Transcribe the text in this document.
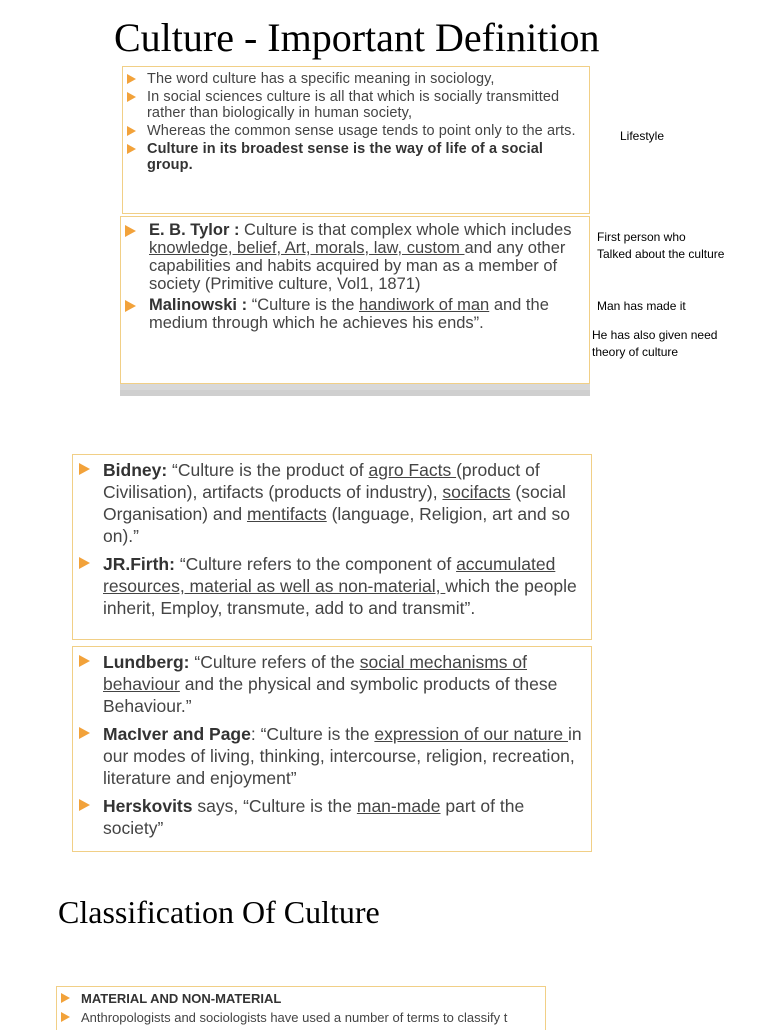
Culture - Important Definition
The word culture has a specific meaning in sociology,
In social sciences culture is all that which is socially transmitted rather than biologically in human society,
Whereas the common sense usage tends to point only to the arts.
Culture in its broadest sense is the way of life of a social group.
E. B. Tylor : Culture is that complex whole which includes knowledge, belief, Art, morals, law, custom and any other capabilities and habits acquired by man as a member of society (Primitive culture, Vol1, 1871)
Malinowski : “Culture is the handiwork of man and the medium through which he achieves his ends”.

Lifestyle

First person who
Talked about the culture

Man has made it

He has also given need
theory of culture

Bidney: “Culture is the product of agro Facts (product of Civilisation), artifacts (products of industry), socifacts (social Organisation) and mentifacts (language, Religion, art and so on).”
JR.Firth: “Culture refers to the component of accumulated resources, material as well as non-material, which the people inherit, Employ, transmute, add to and transmit”.
Lundberg: “Culture refers of the social mechanisms of behaviour and the physical and symbolic products of these Behaviour.”
MacIver and Page: “Culture is the expression of our nature in our modes of living, thinking, intercourse, religion, recreation, literature and enjoyment”
Herskovits says, “Culture is the man-made part of the society”
Classification Of Culture
MATERIAL AND NON-MATERIAL
Anthropologists and sociologists have used a number of terms to classify t
